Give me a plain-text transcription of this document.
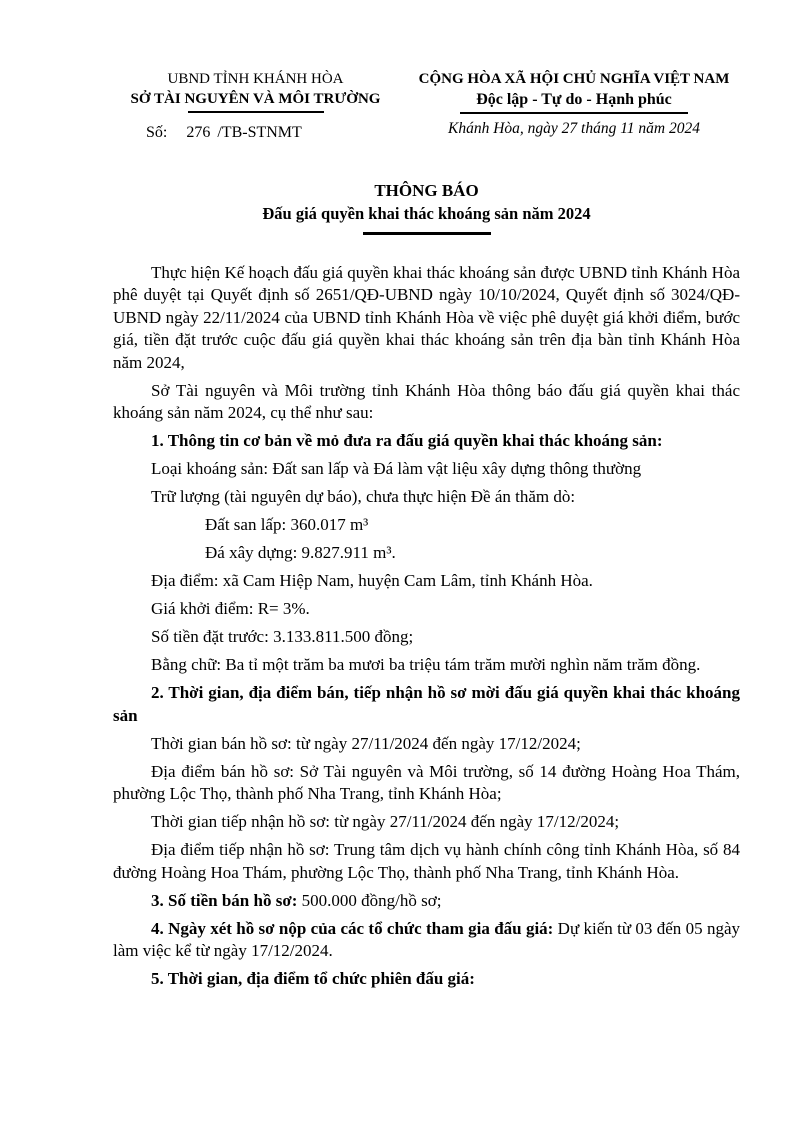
UBND TỈNH KHÁNH HÒA
SỞ TÀI NGUYÊN VÀ MÔI TRƯỜNG
Số: 276 /TB-STNMT
CỘNG HÒA XÃ HỘI CHỦ NGHĨA VIỆT NAM
Độc lập - Tự do - Hạnh phúc
Khánh Hòa, ngày 27 tháng 11 năm 2024
THÔNG BÁO
Đấu giá quyền khai thác khoáng sản năm 2024

Thực hiện Kế hoạch đấu giá quyền khai thác khoáng sản được UBND tỉnh Khánh Hòa phê duyệt tại Quyết định số 2651/QĐ-UBND ngày 10/10/2024, Quyết định số 3024/QĐ-UBND ngày 22/11/2024 của UBND tỉnh Khánh Hòa về việc phê duyệt giá khởi điểm, bước giá, tiền đặt trước cuộc đấu giá quyền khai thác khoáng sản trên địa bàn tỉnh Khánh Hòa năm 2024,

Sở Tài nguyên và Môi trường tỉnh Khánh Hòa thông báo đấu giá quyền khai thác khoáng sản năm 2024, cụ thể như sau:

1. Thông tin cơ bản về mỏ đưa ra đấu giá quyền khai thác khoáng sản:

Loại khoáng sản: Đất san lấp và Đá làm vật liệu xây dựng thông thường

Trữ lượng (tài nguyên dự báo), chưa thực hiện Đề án thăm dò:

Đất san lấp: 360.017 m³

Đá xây dựng: 9.827.911 m³.

Địa điểm: xã Cam Hiệp Nam, huyện Cam Lâm, tỉnh Khánh Hòa.

Giá khởi điểm: R= 3%.

Số tiền đặt trước: 3.133.811.500 đồng;

Bằng chữ: Ba tỉ một trăm ba mươi ba triệu tám trăm mười nghìn năm trăm đồng.

2. Thời gian, địa điểm bán, tiếp nhận hồ sơ mời đấu giá quyền khai thác khoáng sản

Thời gian bán hồ sơ: từ ngày 27/11/2024 đến ngày 17/12/2024;

Địa điểm bán hồ sơ: Sở Tài nguyên và Môi trường, số 14 đường Hoàng Hoa Thám, phường Lộc Thọ, thành phố Nha Trang, tỉnh Khánh Hòa;

Thời gian tiếp nhận hồ sơ: từ ngày 27/11/2024 đến ngày 17/12/2024;

Địa điểm tiếp nhận hồ sơ: Trung tâm dịch vụ hành chính công tỉnh Khánh Hòa, số 84 đường Hoàng Hoa Thám, phường Lộc Thọ, thành phố Nha Trang, tỉnh Khánh Hòa.

3. Số tiền bán hồ sơ: 500.000 đồng/hồ sơ;

4. Ngày xét hồ sơ nộp của các tổ chức tham gia đấu giá: Dự kiến từ 03 đến 05 ngày làm việc kể từ ngày 17/12/2024.

5. Thời gian, địa điểm tổ chức phiên đấu giá:
